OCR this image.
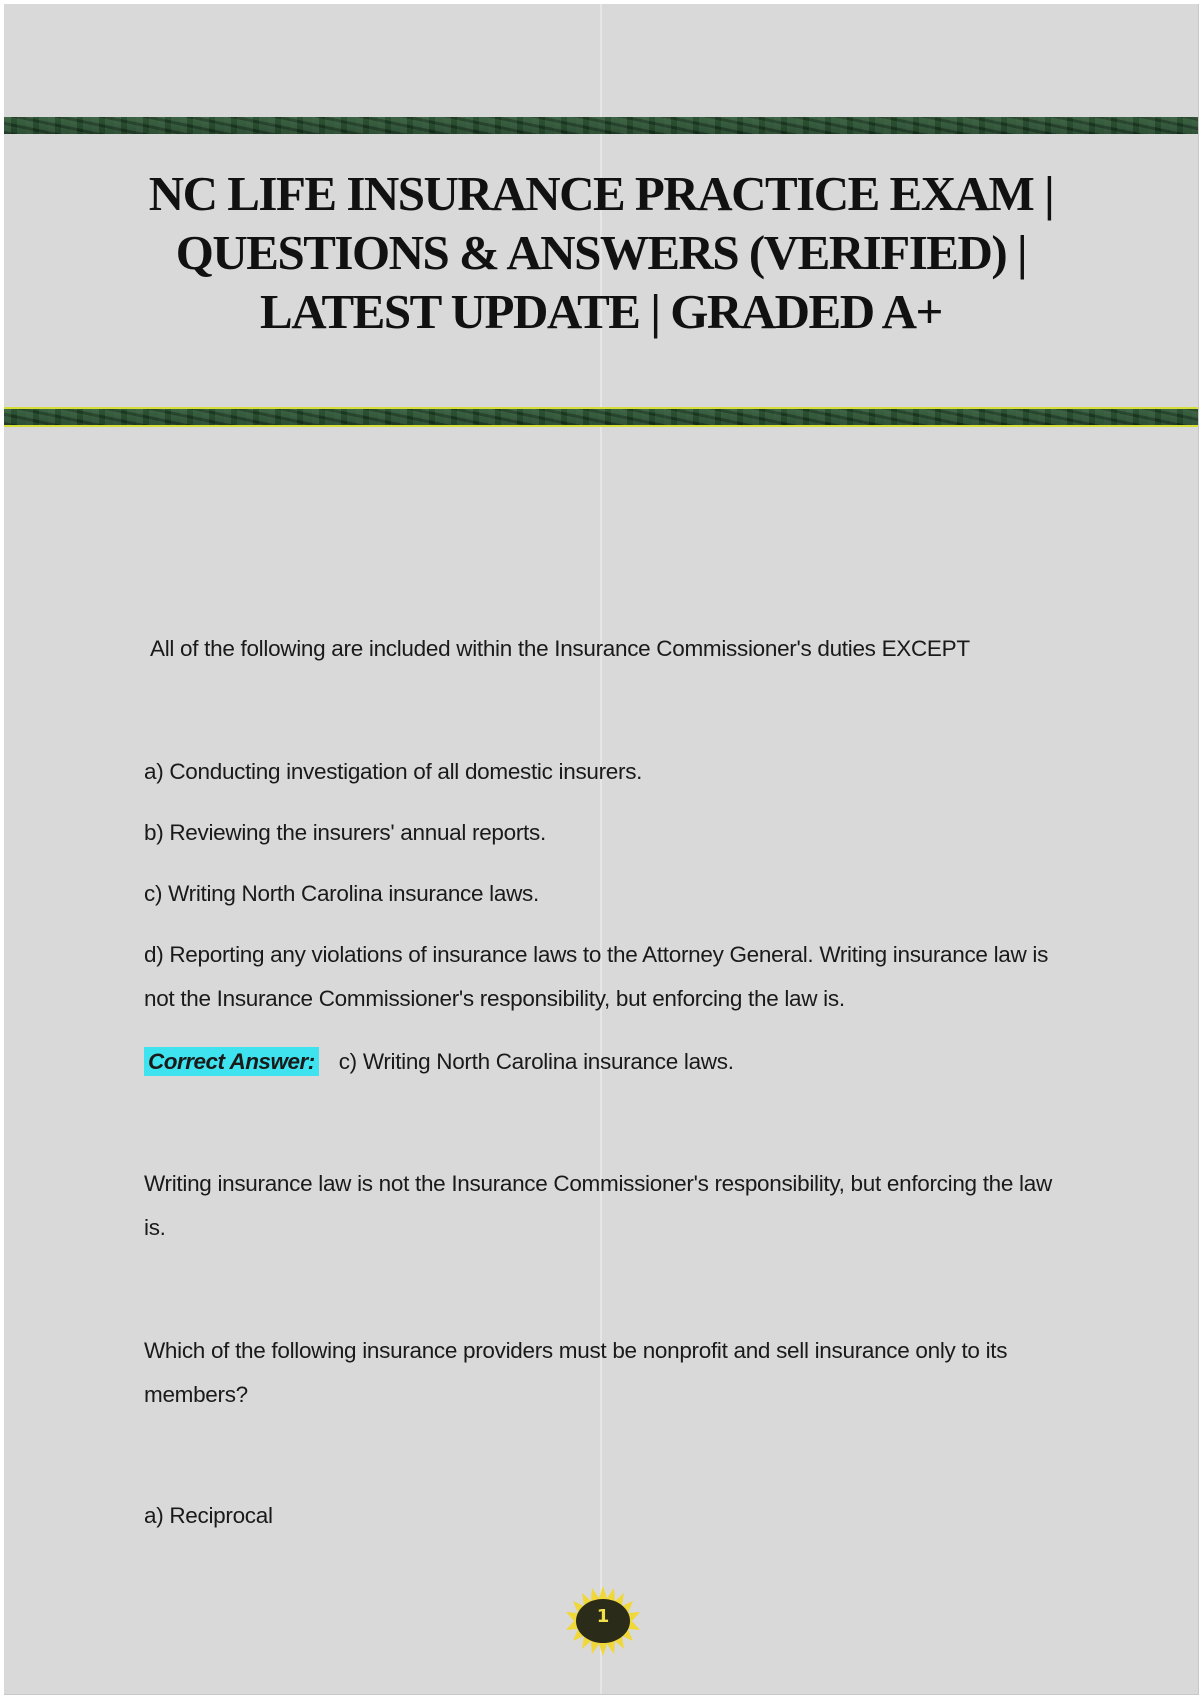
NC LIFE INSURANCE PRACTICE EXAM |
QUESTIONS & ANSWERS (VERIFIED) |
LATEST UPDATE | GRADED A+

All of the following are included within the Insurance Commissioner's duties EXCEPT

a) Conducting investigation of all domestic insurers.

b) Reviewing the insurers' annual reports.

c) Writing North Carolina insurance laws.

d) Reporting any violations of insurance laws to the Attorney General. Writing insurance law is not the Insurance Commissioner's responsibility, but enforcing the law is.

Correct Answer: c) Writing North Carolina insurance laws.

Writing insurance law is not the Insurance Commissioner's responsibility, but enforcing the law is.

Which of the following insurance providers must be nonprofit and sell insurance only to its members?

a) Reciprocal

1
